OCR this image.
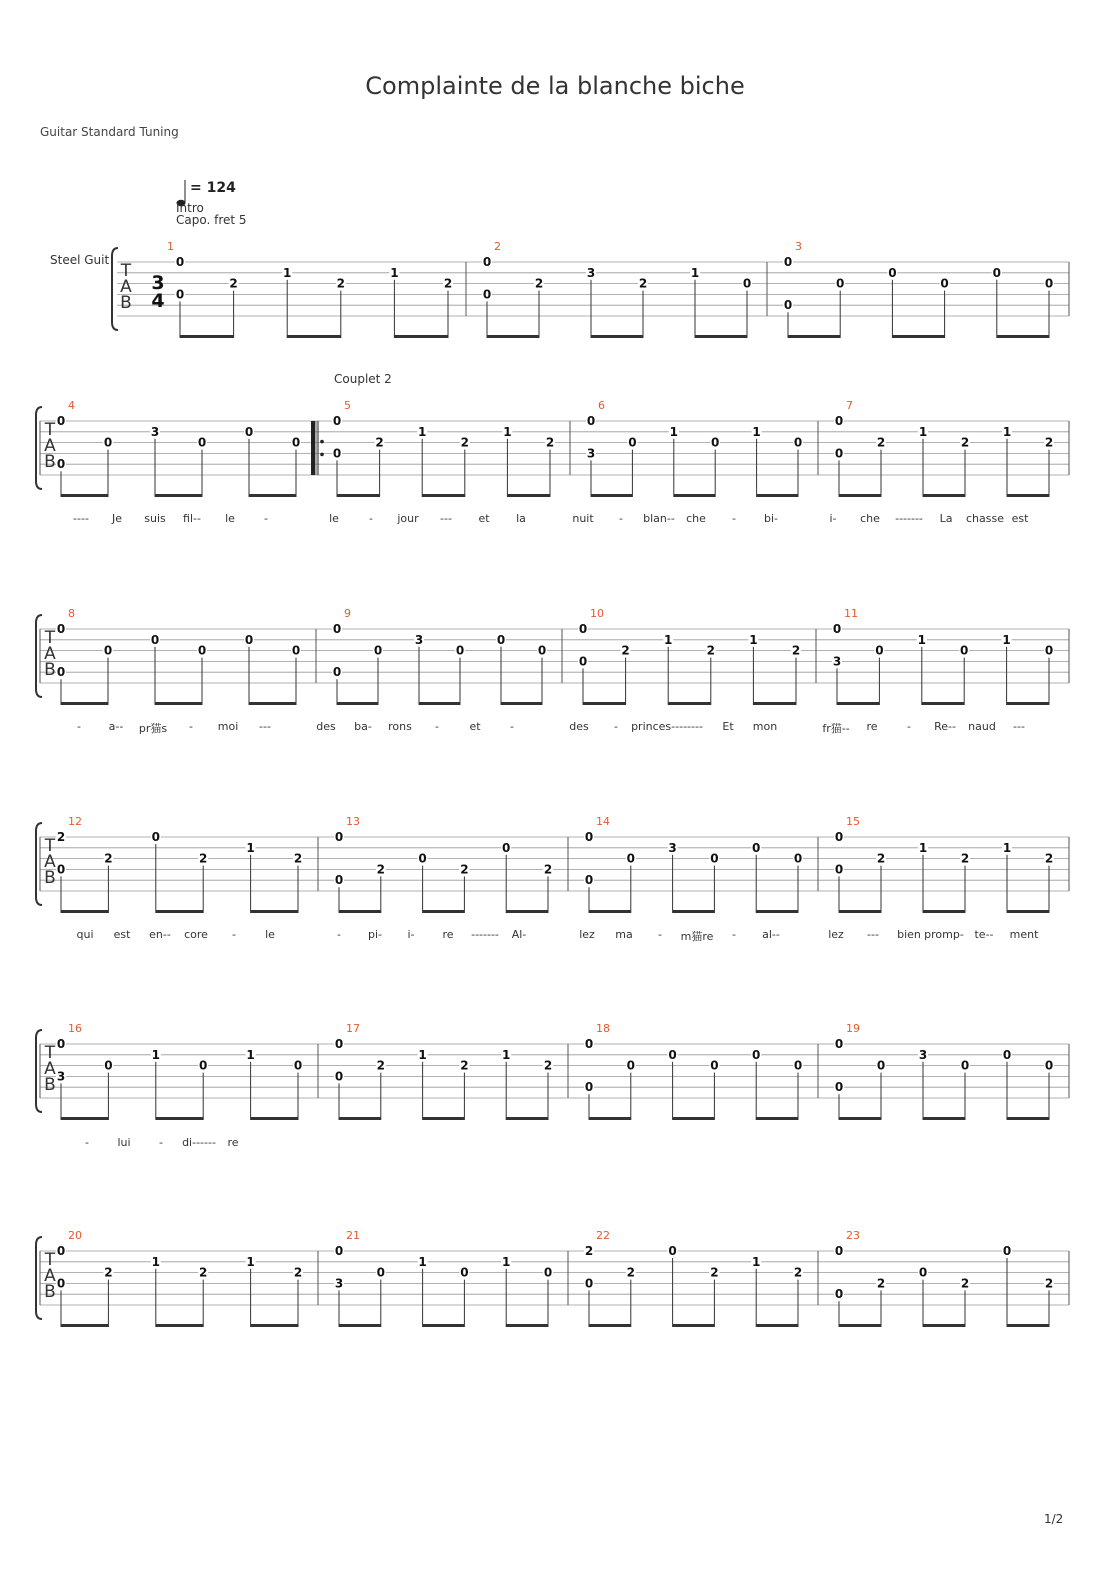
Complainte de la blanche biche
Guitar Standard Tuning
= 124
Intro
Capo. fret 5
Steel Guit
Couplet 2
T
A
B
3
4
1
0
0
2
1
2
1
2
2
0
0
2
3
2
1
0
3
0
0
0
0
0
0
0
T
A
B
4
0
0
0
3
0
0
0
5
0
0
2
1
2
1
2
6
0
3
0
1
0
1
0
7
0
0
2
1
2
1
2
T
A
B
8
0
0
0
0
0
0
0
9
0
0
0
3
0
0
0
10
0
0
2
1
2
1
2
11
0
3
0
1
0
1
0
T
A
B
12
2
0
2
0
2
1
2
13
0
0
2
0
2
0
2
14
0
0
0
3
0
0
0
15
0
0
2
1
2
1
2
T
A
B
16
0
3
0
1
0
1
0
17
0
0
2
1
2
1
2
18
0
0
0
0
0
0
0
19
0
0
0
3
0
0
0
T
A
B
20
0
0
2
1
2
1
2
21
0
3
0
1
0
1
0
22
2
0
2
0
2
1
2
23
0
0
2
0
2
0
2
---- Je suis fil-- le	-	le	- jour --- et la	nuit - blan-- che -	bi-	i- che ------- La chasse est
-	a-- pr猫s - moi ---	des ba- rons -	et	-	des - princes-------- Et mon	fr猫-- re	- Re-- naud ---
qui est en-- core -	le	- pi- i-	re ------- Al-	lez ma - m猫re - al--	lez --- bien promp- te-- ment
-	lui	- di------ re
1/2
